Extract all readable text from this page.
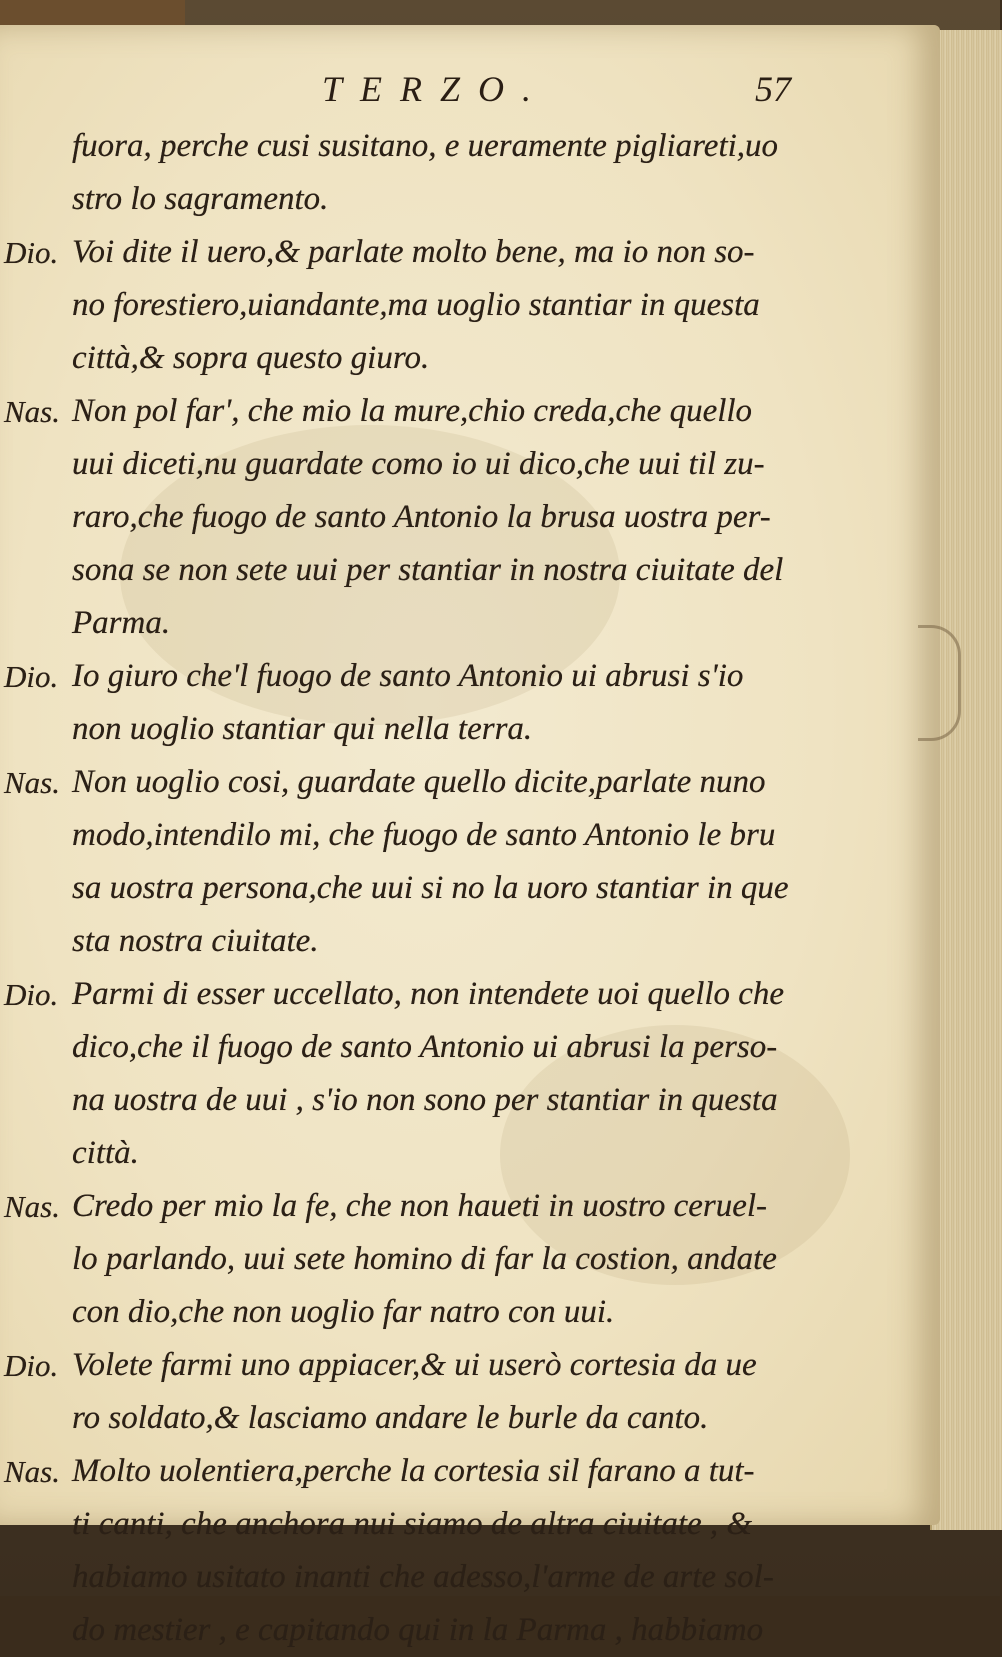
TERZO.	57
fuora, perche cusi susitano, e ueramente pigliareti,uo
stro lo sagramento.
Dio. Voi dite il uero,& parlate molto bene, ma io non so-
no forestiero,uiandante,ma uoglio stantiar in questa
città,& sopra questo giuro.
Nas. Non pol far', che mio la mure,chio creda,che quello
uui diceti,nu guardate como io ui dico,che uui til zu-
raro,che fuogo de santo Antonio la brusa uostra per-
sona se non sete uui per stantiar in nostra ciuitate del
Parma.
Dio. Io giuro che'l fuogo de santo Antonio ui abrusi s'io
non uoglio stantiar qui nella terra.
Nas. Non uoglio cosi, guardate quello dicite,parlate nuno
modo,intendilo mi, che fuogo de santo Antonio le bru
sa uostra persona,che uui si no la uoro stantiar in que
sta nostra ciuitate.
Dio. Parmi di esser uccellato, non intendete uoi quello che
dico,che il fuogo de santo Antonio ui abrusi la perso-
na uostra de uui , s'io non sono per stantiar in questa
città.
Nas. Credo per mio la fe, che non haueti in uostro ceruel-
lo parlando, uui sete homino di far la costion, andate
con dio,che non uoglio far natro con uui.
Dio. Volete farmi uno appiacer,& ui userò cortesia da ue
ro soldato,& lasciamo andare le burle da canto.
Nas. Molto uolentiera,perche la cortesia sil farano a tut-
ti canti, che anchora nui siamo de altra ciuitate , &
habiamo usitato inanti che adesso,l'arme de arte sol-
do mestier , e capitando qui in la Parma , habbiamo
